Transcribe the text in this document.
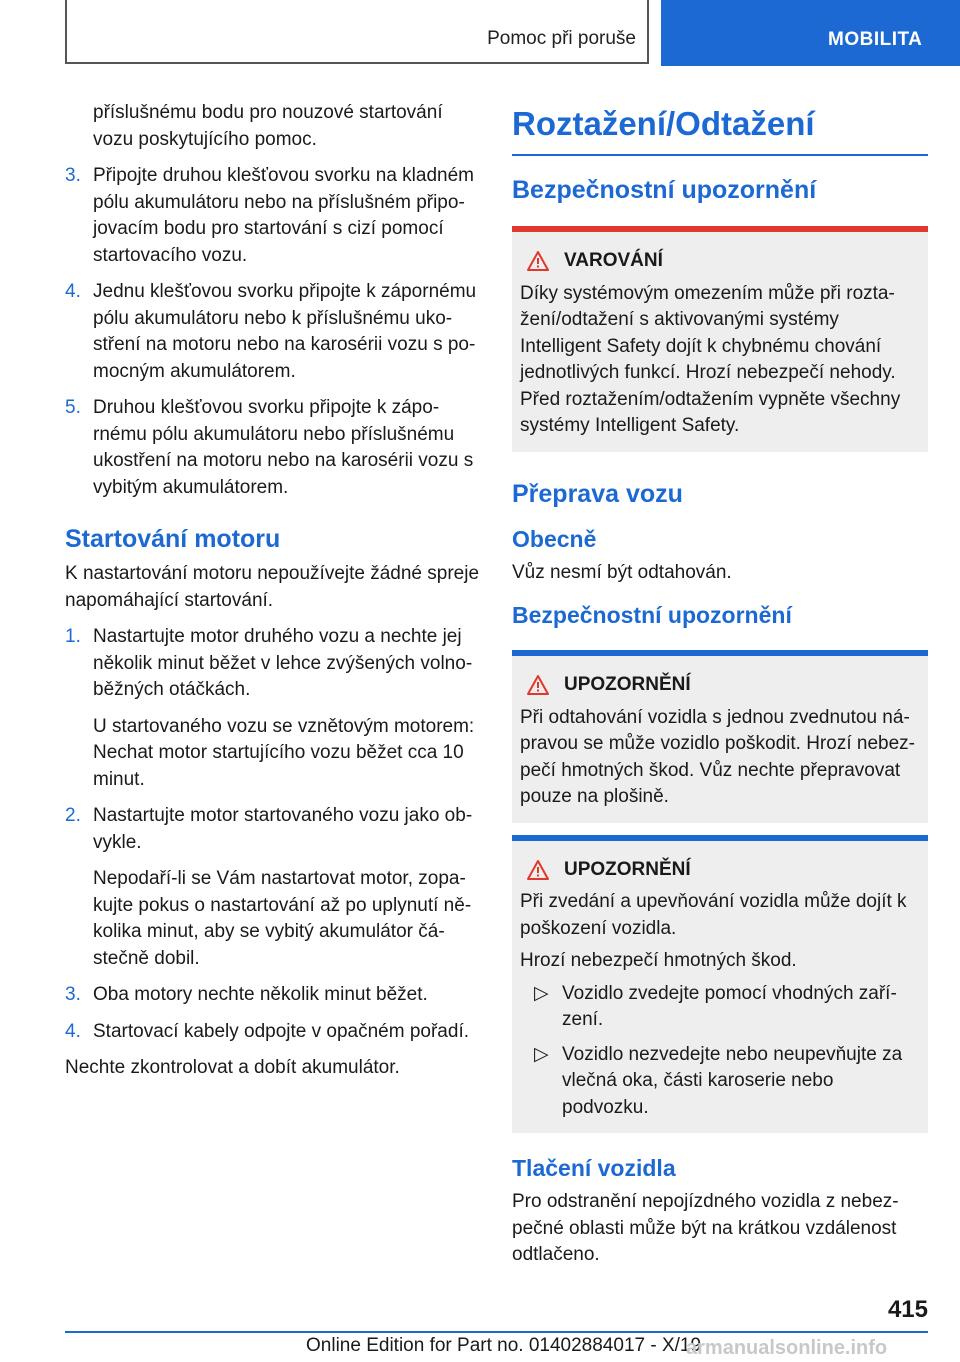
Pomoc při poruše	MOBILITA

příslušnému bodu pro nouzové startování vozu poskytujícího pomoc.

3. Připojte druhou klešťovou svorku na kladném pólu akumulátoru nebo na příslušném připojovacím bodu pro startování s cizí pomocí startovacího vozu.
4. Jednu klešťovou svorku připojte k zápornému pólu akumulátoru nebo k příslušnému ukostření na motoru nebo na karosérii vozu s pomocným akumulátorem.
5. Druhou klešťovou svorku připojte k zápornému pólu akumulátoru nebo příslušnému ukostření na motoru nebo na karosérii vozu s vybitým akumulátorem.
Startování motoru

K nastartování motoru nepoužívejte žádné spreje napomáhající startování.

1. Nastartujte motor druhého vozu a nechte jej několik minut běžet v lehce zvýšených volnoběžných otáčkách.

U startovaného vozu se vznětovým motorem: Nechat motor startujícího vozu běžet cca 10 minut.

2. Nastartujte motor startovaného vozu jako obvykle.

Nepodaří-li se Vám nastartovat motor, zopakujte pokus o nastartování až po uplynutí několika minut, aby se vybitý akumulátor částečně dobil.

3. Oba motory nechte několik minut běžet.
4. Startovací kabely odpojte v opačném pořadí.

Nechte zkontrolovat a dobít akumulátor.

Roztažení/Odtažení
Bezpečnostní upozornění
VAROVÁNÍ

Díky systémovým omezením může při roztažení/odtažení s aktivovanými systémy Intelligent Safety dojít k chybnému chování jednotlivých funkcí. Hrozí nebezpečí nehody. Před roztažením/odtažením vypněte všechny systémy Intelligent Safety.

Přeprava vozu
Obecně

Vůz nesmí být odtahován.

Bezpečnostní upozornění
UPOZORNĚNÍ

Při odtahování vozidla s jednou zvednutou nápravou se může vozidlo poškodit. Hrozí nebezpečí hmotných škod. Vůz nechte přepravovat pouze na plošině.

UPOZORNĚNÍ

Při zvedání a upevňování vozidla může dojít k poškození vozidla.

Hrozí nebezpečí hmotných škod.

▷ Vozidlo zvedejte pomocí vhodných zařízení.
▷ Vozidlo nezvedejte nebo neupevňujte za vlečná oka, části karoserie nebo podvozku.
Tlačení vozidla

Pro odstranění nepojízdného vozidla z nebezpečné oblasti může být na krátkou vzdálenost odtlačeno.

415
Online Edition for Part no. 01402884017 - X/19
armanualsonline.info
